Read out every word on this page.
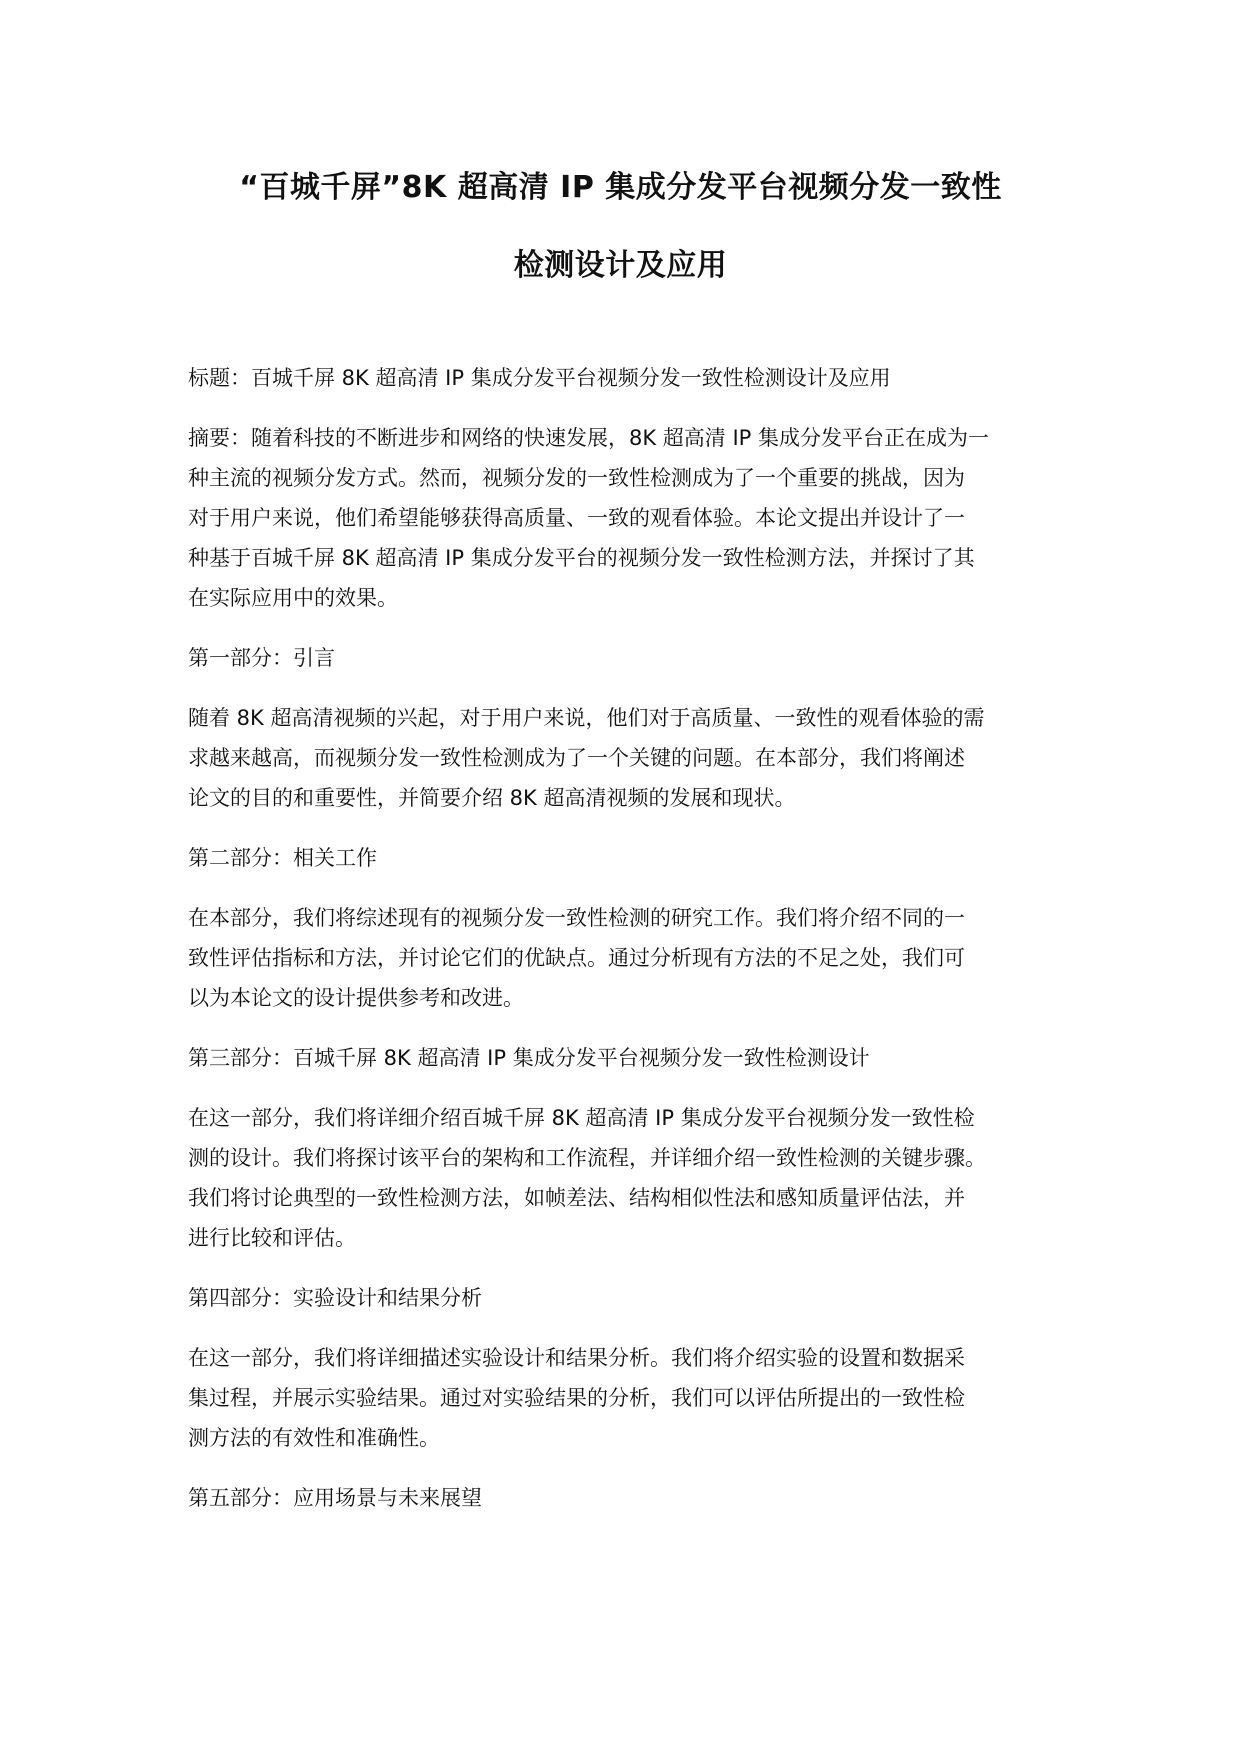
“百城千屏”8K 超高清 IP 集成分发平台视频分发一致性
检测设计及应用
标题：百城千屏 8K 超高清 IP 集成分发平台视频分发一致性检测设计及应用
摘要：随着科技的不断进步和网络的快速发展，8K 超高清 IP 集成分发平台正在成为一
种主流的视频分发方式。然而，视频分发的一致性检测成为了一个重要的挑战，因为
对于用户来说，他们希望能够获得高质量、一致的观看体验。本论文提出并设计了一
种基于百城千屏 8K 超高清 IP 集成分发平台的视频分发一致性检测方法，并探讨了其
在实际应用中的效果。
第一部分：引言
随着 8K 超高清视频的兴起，对于用户来说，他们对于高质量、一致性的观看体验的需
求越来越高，而视频分发一致性检测成为了一个关键的问题。在本部分，我们将阐述
论文的目的和重要性，并简要介绍 8K 超高清视频的发展和现状。
第二部分：相关工作
在本部分，我们将综述现有的视频分发一致性检测的研究工作。我们将介绍不同的一
致性评估指标和方法，并讨论它们的优缺点。通过分析现有方法的不足之处，我们可
以为本论文的设计提供参考和改进。
第三部分：百城千屏 8K 超高清 IP 集成分发平台视频分发一致性检测设计
在这一部分，我们将详细介绍百城千屏 8K 超高清 IP 集成分发平台视频分发一致性检
测的设计。我们将探讨该平台的架构和工作流程，并详细介绍一致性检测的关键步骤。
我们将讨论典型的一致性检测方法，如帧差法、结构相似性法和感知质量评估法，并
进行比较和评估。
第四部分：实验设计和结果分析
在这一部分，我们将详细描述实验设计和结果分析。我们将介绍实验的设置和数据采
集过程，并展示实验结果。通过对实验结果的分析，我们可以评估所提出的一致性检
测方法的有效性和准确性。
第五部分：应用场景与未来展望
